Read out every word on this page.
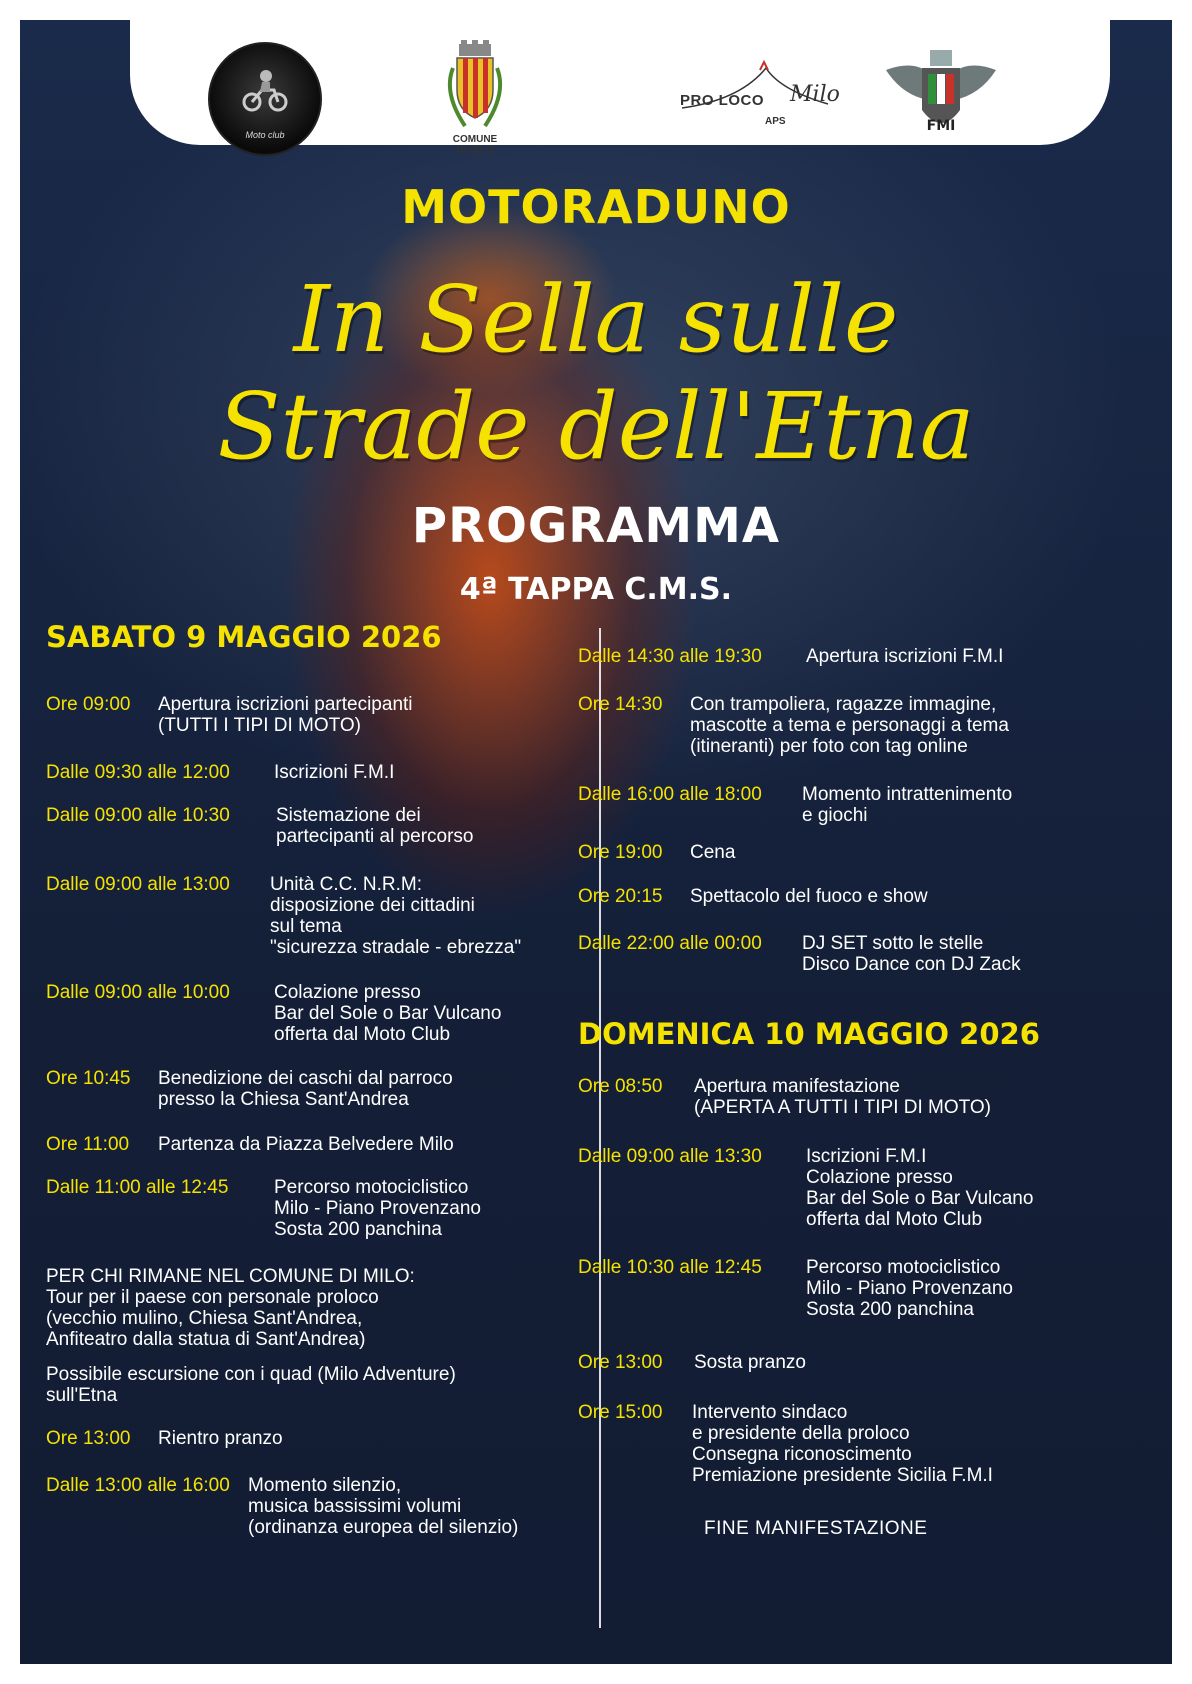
Moto club	COMUNE
DI MILO
PRO LOCO Milo
APS	FMI
MOTORADUNO
In Sella sulle
Strade dell'Etna
PROGRAMMA
4ª TAPPA C.M.S.
SABATO 9 MAGGIO 2026
Ore 09:00 Apertura iscrizioni partecipanti
(TUTTI I TIPI DI MOTO)
Dalle 09:30 alle 12:00 Iscrizioni F.M.I
Dalle 09:00 alle 10:30 Sistemazione dei
partecipanti al percorso
Dalle 09:00 alle 13:00 Unità C.C. N.R.M:
disposizione dei cittadini
sul tema
"sicurezza stradale - ebrezza"
Dalle 09:00 alle 10:00 Colazione presso
Bar del Sole o Bar Vulcano
offerta dal Moto Club
Ore 10:45 Benedizione dei caschi dal parroco
presso la Chiesa Sant'Andrea
Ore 11:00 Partenza da Piazza Belvedere Milo
Dalle 11:00 alle 12:45 Percorso motociclistico
Milo - Piano Provenzano
Sosta 200 panchina
PER CHI RIMANE NEL COMUNE DI MILO:
Tour per il paese con personale proloco
(vecchio mulino, Chiesa Sant'Andrea,
Anfiteatro dalla statua di Sant'Andrea)
Possibile escursione con i quad (Milo Adventure)
sull'Etna
Ore 13:00 Rientro pranzo
Dalle 13:00 alle 16:00 Momento silenzio,
musica bassissimi volumi
(ordinanza europea del silenzio)
Dalle 14:30 alle 19:30 Apertura iscrizioni F.M.I
Ore 14:30 Con trampoliera, ragazze immagine,
mascotte a tema e personaggi a tema
(itineranti) per foto con tag online
Dalle 16:00 alle 18:00 Momento intrattenimento
e giochi
Ore 19:00 Cena
Ore 20:15 Spettacolo del fuoco e show
Dalle 22:00 alle 00:00 DJ SET sotto le stelle
Disco Dance con DJ Zack
DOMENICA 10 MAGGIO 2026
Ore 08:50 Apertura manifestazione
(APERTA A TUTTI I TIPI DI MOTO)
Dalle 09:00 alle 13:30 Iscrizioni F.M.I
Colazione presso
Bar del Sole o Bar Vulcano
offerta dal Moto Club
Dalle 10:30 alle 12:45 Percorso motociclistico
Milo - Piano Provenzano
Sosta 200 panchina
Ore 13:00 Sosta pranzo
Ore 15:00 Intervento sindaco
e presidente della proloco
Consegna riconoscimento
Premiazione presidente Sicilia F.M.I
FINE MANIFESTAZIONE
